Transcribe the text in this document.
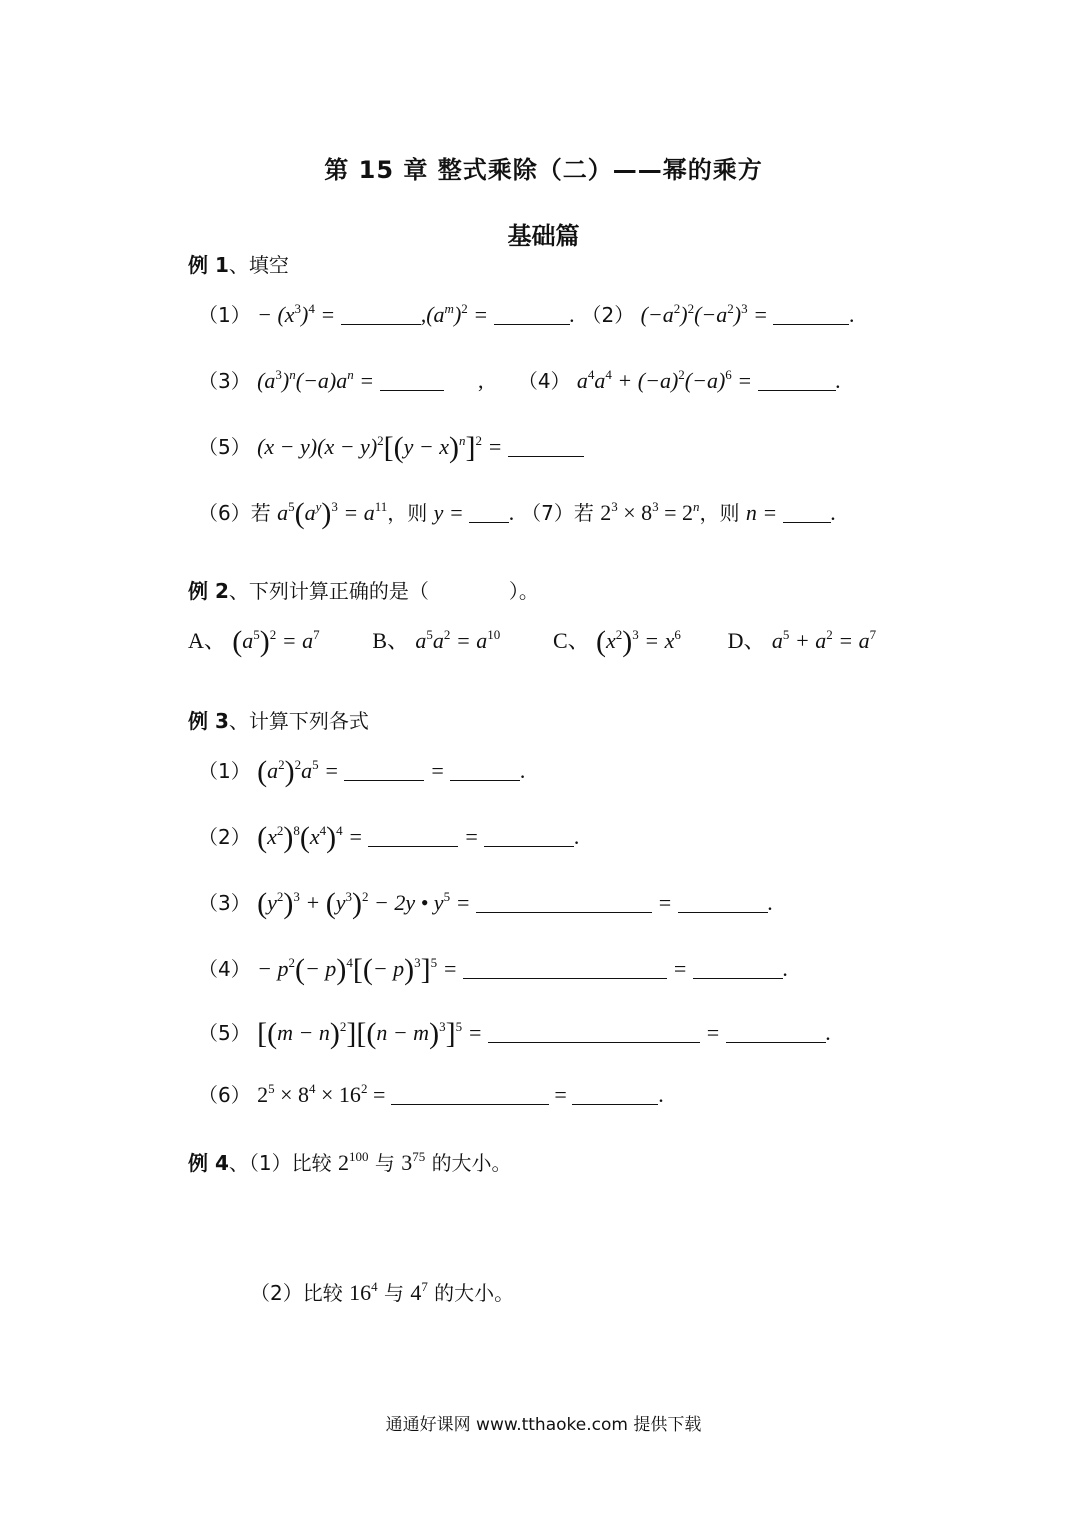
第 15 章 整式乘除（二）——幂的乘方
基础篇
例 1、填空
$(1) - (x^3)^4$ =	$,(a^m)^2$ =	. （2） $(-a^2)^2(-a^2)^3$ =	.
（3） $(a^3)^n(-a)a^n$ =	, （4） $a^4a^4 + (-a)^2(-a)^6$ =	.
（5） $(x - y)(x - y)^2[(y - x)^n]^2$ =
（6）若 $a^5(a^y)^3 = a^{11}$，则 y = . （7）若 $2^3 \times 8^3 = 2^n$，则 n = .
例 2、下列计算正确的是（　　　　）。
A、 $(a^5)^2 = a^7$ B、 $a^5a^2 = a^{10}$ C、 $(x^2)^3 = x^6$ D、 $a^5 + a^2 = a^7$
例 3、计算下列各式
（1） $(a^2)^2a^5$ =	=	.
（2） $(x^2)^8(x^4)^4$ =	=	.
（3） $(y^2)^3 + (y^3)^2 - 2y$ • $y^5$ =	=	.
$(4) - p^2(- p)^4[(- p)^3]^5$ =	=	.
（5） $[(m - n)^2][(n - m)^3]^5$ =	=	.
（6） $2^5 \times 8^4 \times 16^2$ =	=	.
例 4、（1）比较 $2^{100}$ 与 $3^{75}$ 的大小。
（2）比较 $16^4$ 与 $4^7$ 的大小。
通通好课网 www.tthaoke.com 提供下载
